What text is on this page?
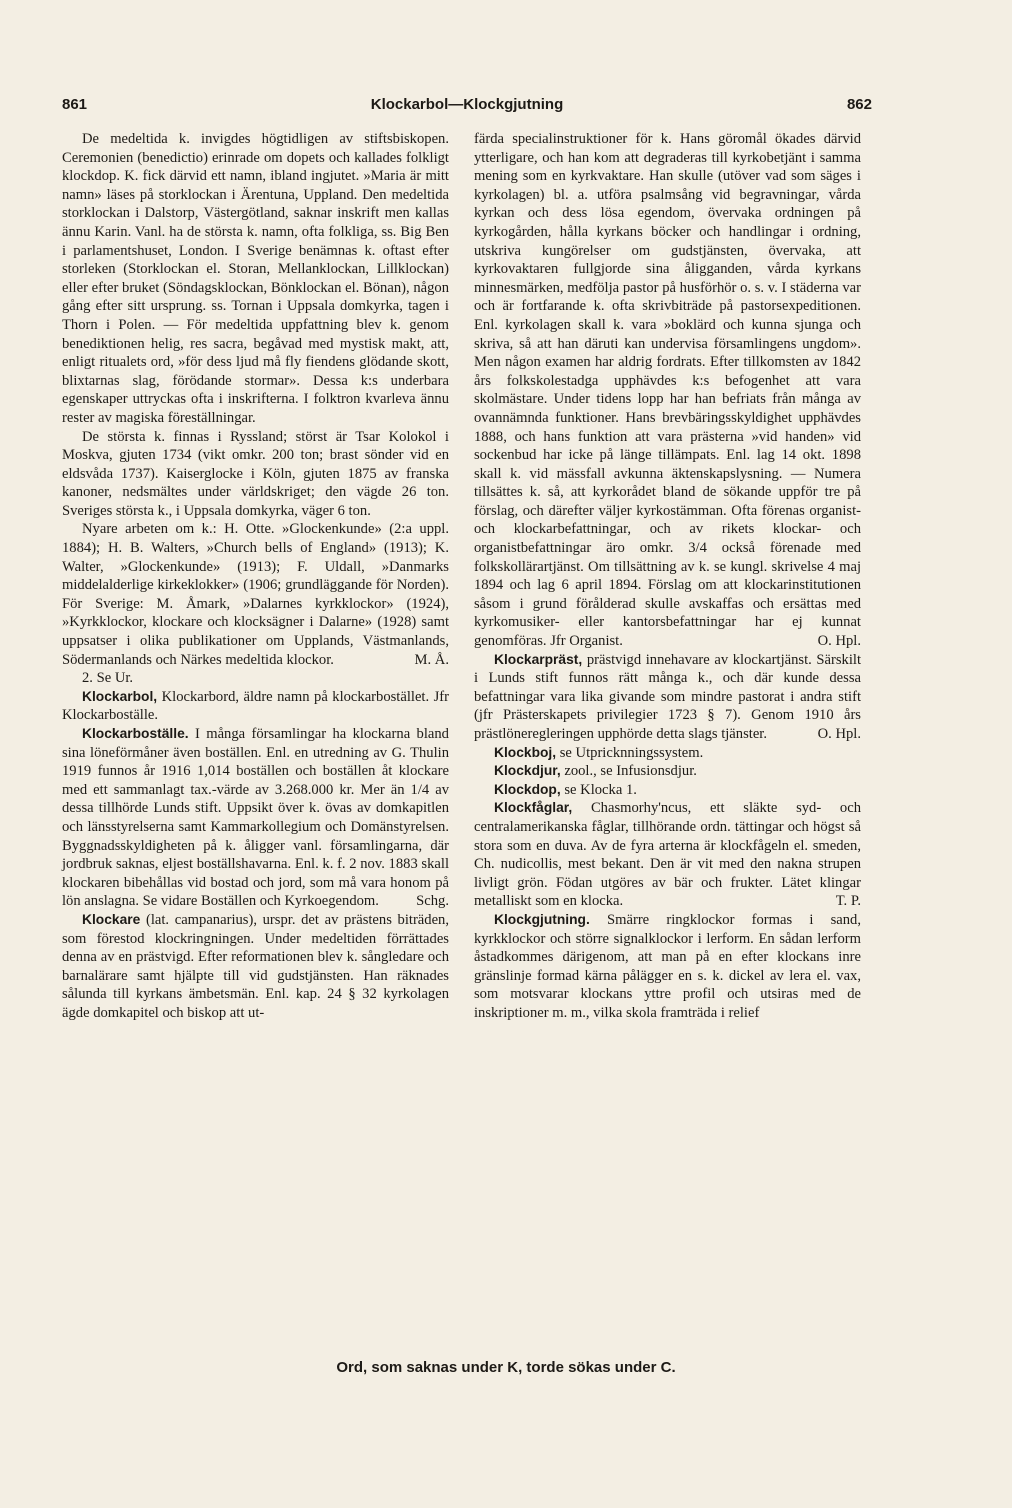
861	Klockarbol—Klockgjutning	862

De medeltida k. invigdes högtidligen av stiftsbiskopen. Ceremonien (benedictio) erinrade om dopets och kallades folkligt klockdop. K. fick därvid ett namn, ibland ingjutet. »Maria är mitt namn» läses på storklockan i Ärentuna, Uppland. Den medeltida storklockan i Dalstorp, Västergötland, saknar inskrift men kallas ännu Karin. Vanl. ha de största k. namn, ofta folkliga, ss. Big Ben i parlamentshuset, London. I Sverige benämnas k. oftast efter storleken (Storklockan el. Storan, Mellanklockan, Lillklockan) eller efter bruket (Söndagsklockan, Bönklockan el. Bönan), någon gång efter sitt ursprung. ss. Tornan i Uppsala domkyrka, tagen i Thorn i Polen. — För medeltida uppfattning blev k. genom benediktionen helig, res sacra, begåvad med mystisk makt, att, enligt ritualets ord, »för dess ljud må fly fiendens glödande skott, blixtarnas slag, förödande stormar». Dessa k:s underbara egenskaper uttryckas ofta i inskrifterna. I folktron kvarleva ännu rester av magiska föreställningar.

De största k. finnas i Ryssland; störst är Tsar Kolokol i Moskva, gjuten 1734 (vikt omkr. 200 ton; brast sönder vid en eldsvåda 1737). Kaiserglocke i Köln, gjuten 1875 av franska kanoner, nedsmältes under världskriget; den vägde 26 ton. Sveriges största k., i Uppsala domkyrka, väger 6 ton.

Nyare arbeten om k.: H. Otte. »Glockenkunde» (2:a uppl. 1884); H. B. Walters, »Church bells of England» (1913); K. Walter, »Glockenkunde» (1913); F. Uldall, »Danmarks middelalderlige kirkeklokker» (1906; grundläggande för Norden). För Sverige: M. Åmark, »Dalarnes kyrkklockor» (1924), »Kyrkklockor, klockare och klocksägner i Dalarne» (1928) samt uppsatser i olika publikationer om Upplands, Västmanlands, Södermanlands och Närkes medeltida klockor.	M. Å.

2. Se Ur.

Klockarbol, Klockarbord, äldre namn på klockarbostället. Jfr Klockarboställe.

Klockarboställe. I många församlingar ha klockarna bland sina löneförmåner även boställen. Enl. en utredning av G. Thulin 1919 funnos år 1916 1,014 boställen och boställen åt klockare med ett sammanlagt tax.-värde av 3.268.000 kr. Mer än 1/4 av dessa tillhörde Lunds stift. Uppsikt över k. övas av domkapitlen och länsstyrelserna samt Kammarkollegium och Domänstyrelsen. Byggnadsskyldigheten på k. åligger vanl. församlingarna, där jordbruk saknas, eljest boställshavarna. Enl. k. f. 2 nov. 1883 skall klockaren bibehållas vid bostad och jord, som må vara honom på lön anslagna. Se vidare Boställen och Kyrkoegendom.	Schg.

Klockare (lat. campanarius), urspr. det av prästens biträden, som förestod klockringningen. Under medeltiden förrättades denna av en prästvigd. Efter reformationen blev k. sångledare och barnalärare samt hjälpte till vid gudstjänsten. Han räknades sålunda till kyrkans ämbetsmän. Enl. kap. 24 § 32 kyrkolagen ägde domkapitel och biskop att ut-

färda specialinstruktioner för k. Hans göromål ökades därvid ytterligare, och han kom att degraderas till kyrkobetjänt i samma mening som en kyrkvaktare. Han skulle (utöver vad som säges i kyrkolagen) bl. a. utföra psalmsång vid begravningar, vårda kyrkan och dess lösa egendom, övervaka ordningen på kyrkogården, hålla kyrkans böcker och handlingar i ordning, utskriva kungörelser om gudstjänsten, övervaka, att kyrkovaktaren fullgjorde sina åligganden, vårda kyrkans minnesmärken, medfölja pastor på husförhör o. s. v. I städerna var och är fortfarande k. ofta skrivbiträde på pastorsexpeditionen. Enl. kyrkolagen skall k. vara »boklärd och kunna sjunga och skriva, så att han däruti kan undervisa församlingens ungdom». Men någon examen har aldrig fordrats. Efter tillkomsten av 1842 års folkskolestadga upphävdes k:s befogenhet att vara skolmästare. Under tidens lopp har han befriats från många av ovannämnda funktioner. Hans brevbäringsskyldighet upphävdes 1888, och hans funktion att vara prästerna »vid handen» vid sockenbud har icke på länge tillämpats. Enl. lag 14 okt. 1898 skall k. vid mässfall avkunna äktenskapslysning. — Numera tillsättes k. så, att kyrkorådet bland de sökande uppför tre på förslag, och därefter väljer kyrkostämman. Ofta förenas organist- och klockarbefattningar, och av rikets klockar- och organistbefattningar äro omkr. 3/4 också förenade med folkskollärartjänst. Om tillsättning av k. se kungl. skrivelse 4 maj 1894 och lag 6 april 1894. Förslag om att klockarinstitutionen såsom i grund förålderad skulle avskaffas och ersättas med kyrkomusiker- eller kantorsbefattningar har ej kunnat genomföras. Jfr Organist.	O. Hpl.

Klockarpräst, prästvigd innehavare av klockartjänst. Särskilt i Lunds stift funnos rätt många k., och där kunde dessa befattningar vara lika givande som mindre pastorat i andra stift (jfr Prästerskapets privilegier 1723 § 7). Genom 1910 års prästlöneregleringen upphörde detta slags tjänster.	O. Hpl.

Klockboj, se Utpricknningssystem.

Klockdjur, zool., se Infusionsdjur.

Klockdop, se Klocka 1.

Klockfåglar, Chasmorhy'ncus, ett släkte syd- och centralamerikanska fåglar, tillhörande ordn. tättingar och högst så stora som en duva. Av de fyra arterna är klockfågeln el. smeden, Ch. nudicollis, mest bekant. Den är vit med den nakna strupen livligt grön. Födan utgöres av bär och frukter. Lätet klingar metalliskt som en klocka.	T. P.

Klockgjutning. Smärre ringklockor formas i sand, kyrkklockor och större signalklockor i lerform. En sådan lerform åstadkommes därigenom, att man på en efter klockans inre gränslinje formad kärna pålägger en s. k. dickel av lera el. vax, som motsvarar klockans yttre profil och utsiras med de inskriptioner m. m., vilka skola framträda i relief

Ord, som saknas under K, torde sökas under C.
